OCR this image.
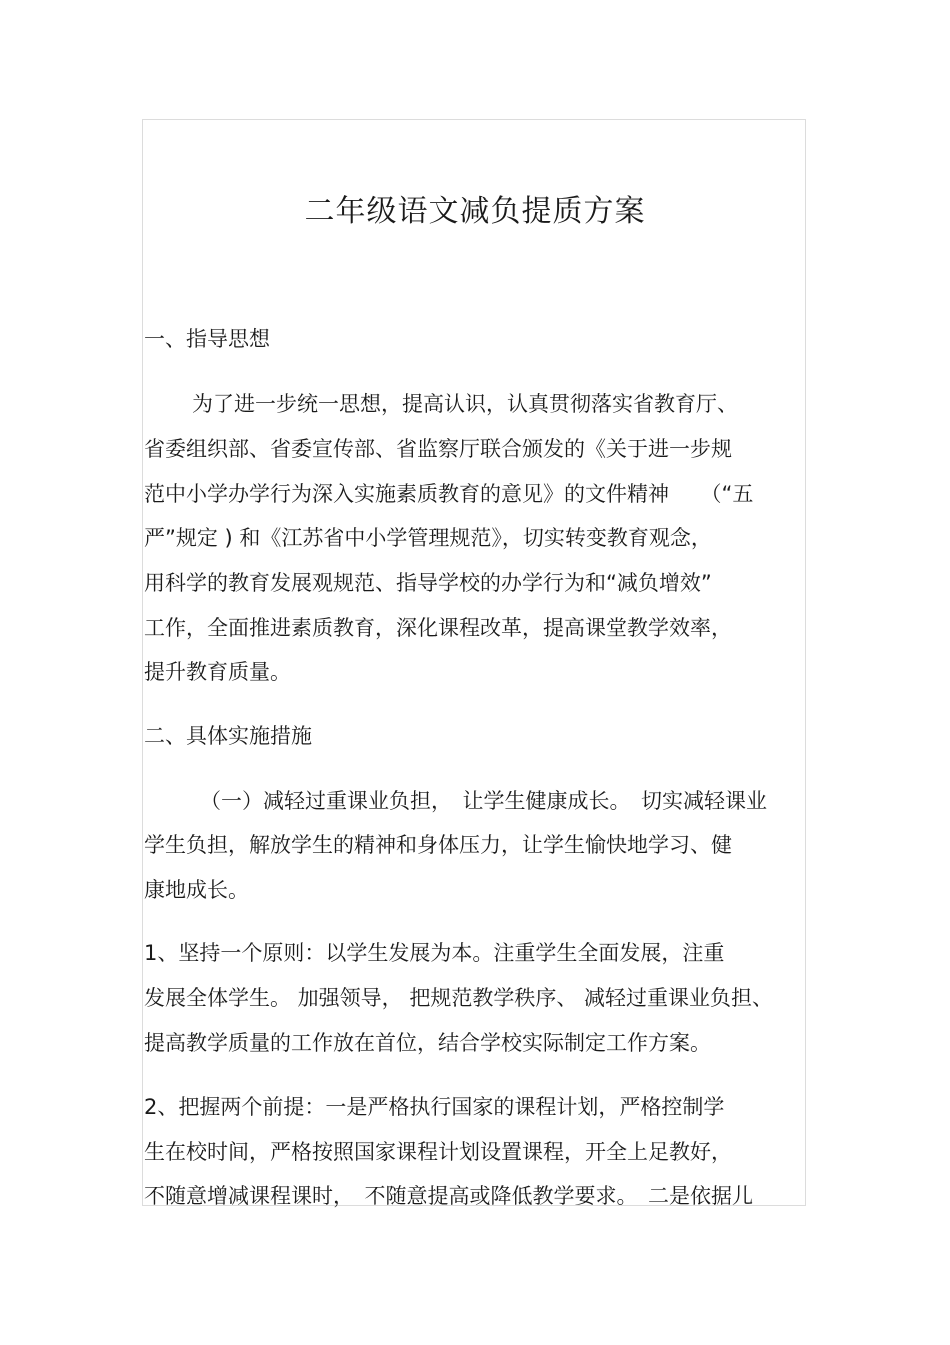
二年级语文减负提质方案
一、指导思想

为了进一步统一思想，提高认识，认真贯彻落实省教育厅、

省委组织部、省委宣传部、省监察厅联合颁发的《关于进一步规

范中小学办学行为深入实施素质教育的意见》的文件精神　　（“五

严”规定 ) 和《江苏省中小学管理规范》，切实转变教育观念，

用科学的教育发展观规范、指导学校的办学行为和“减负增效”

工作，全面推进素质教育，深化课程改革，提高课堂教学效率，

提升教育质量。

二、具体实施措施

（一）减轻过重课业负担，　让学生健康成长。　切实减轻课业

学生负担，解放学生的精神和身体压力，让学生愉快地学习、健

康地成长。

1、坚持一个原则：以学生发展为本。注重学生全面发展，注重

发展全体学生。 加强领导， 把规范教学秩序、 减轻过重课业负担、

提高教学质量的工作放在首位，结合学校实际制定工作方案。

2、把握两个前提：一是严格执行国家的课程计划，严格控制学

生在校时间，严格按照国家课程计划设置课程，开全上足教好，

不随意增减课程课时，　不随意提高或降低教学要求。　二是依据儿
